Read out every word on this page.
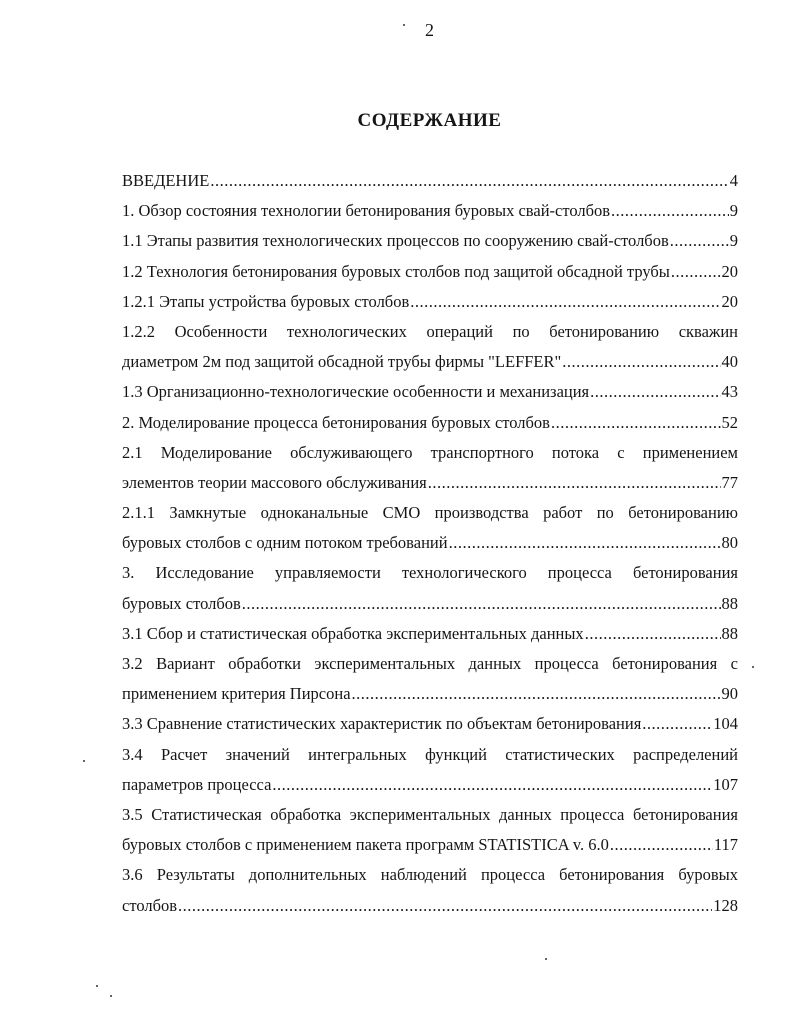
2
СОДЕРЖАНИЕ
ВВЕДЕНИЕ .....	4
1. Обзор состояния технологии бетонирования буровых свай-столбов .....	9
1.1 Этапы развития технологических процессов по сооружению свай-столбов .....	9
1.2 Технология бетонирования буровых столбов под защитой обсадной трубы .....	20
1.2.1 Этапы устройства буровых столбов .....	20
1.2.2 Особенности технологических операций по бетонированию скважин
диаметром 2м под защитой обсадной трубы фирмы "LEFFER" .....	40
1.3 Организационно-технологические особенности и механизация .....	43
2. Моделирование процесса бетонирования буровых столбов .....	52
2.1 Моделирование обслуживающего транспортного потока с применением
элементов теории массового обслуживания .....	77
2.1.1 Замкнутые одноканальные СМО производства работ по бетонированию
буровых столбов с одним потоком требований .....	80
3. Исследование управляемости технологического процесса бетонирования
буровых столбов .....	88
3.1 Сбор и статистическая обработка экспериментальных данных .....	88
3.2 Вариант обработки экспериментальных данных процесса бетонирования с
применением критерия Пирсона .....	90
3.3 Сравнение статистических характеристик по объектам бетонирования .....	104
3.4 Расчет значений интегральных функций статистических распределений
параметров процесса .....	107
3.5 Статистическая обработка экспериментальных данных процесса бетонирования
буровых столбов с применением пакета программ STATISTICA v. 6.0 .....	117
3.6 Результаты дополнительных наблюдений процесса бетонирования буровых
столбов .....	128
